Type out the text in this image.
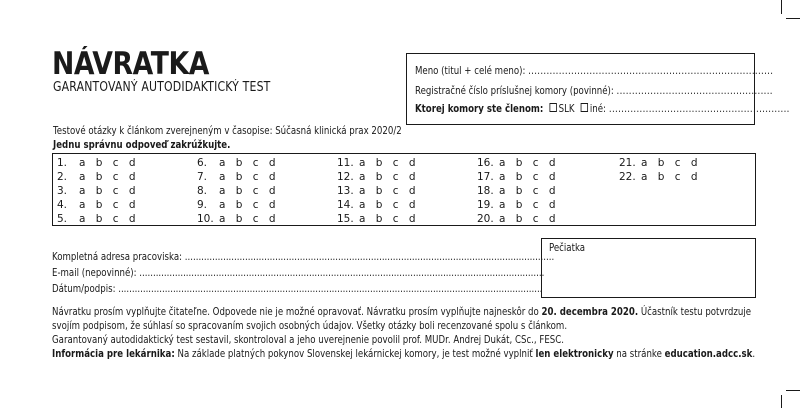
NÁVRATKA
GARANTOVANÝ AUTODIDAKTICKÝ TEST
Meno (titul + celé meno): ................................................................................
Registračné číslo príslušnej komory (povinné): ...................................................
Ktorej komory ste členom: SLK iné: ...........................................................
Testové otázky k článkom zverejneným v časopise: Súčasná klinická prax 2020/2
Jednu správnu odpoveď zakrúžkujte.
1. a b c d
2. a b c d
3. a b c d
4. a b c d
5. a b c d
6. a b c d
7. a b c d
8. a b c d
9. a b c d
10. a b c d
11. a b c d
12. a b c d
13. a b c d
14. a b c d
15. a b c d
16. a b c d
17. a b c d
18. a b c d
19. a b c d
20. a b c d
21. a b c d
22. a b c d
Kompletná adresa pracoviska: .......................................................................................................................................
E-mail (nepovinné): ....................................................................................................................................................
Dátum/podpis: ...........................................................................................................................................................
Pečiatka
Návratku prosím vyplňujte čitateľne. Odpovede nie je možné opravovať. Návratku prosím vyplňujte najneskôr do 20. decembra 2020. Účastník testu potvrdzuje
svojím podpisom, že súhlasí so spracovaním svojich osobných údajov. Všetky otázky boli recenzované spolu s článkom.
Garantovaný autodidaktický test sestavil, skontroloval a jeho uverejnenie povolil prof. MUDr. Andrej Dukát, CSc., FESC.
Informácia pre lekárnika: Na základe platných pokynov Slovenskej lekárnickej komory, je test možné vyplniť len elektronicky na stránke education.adcc.sk.
